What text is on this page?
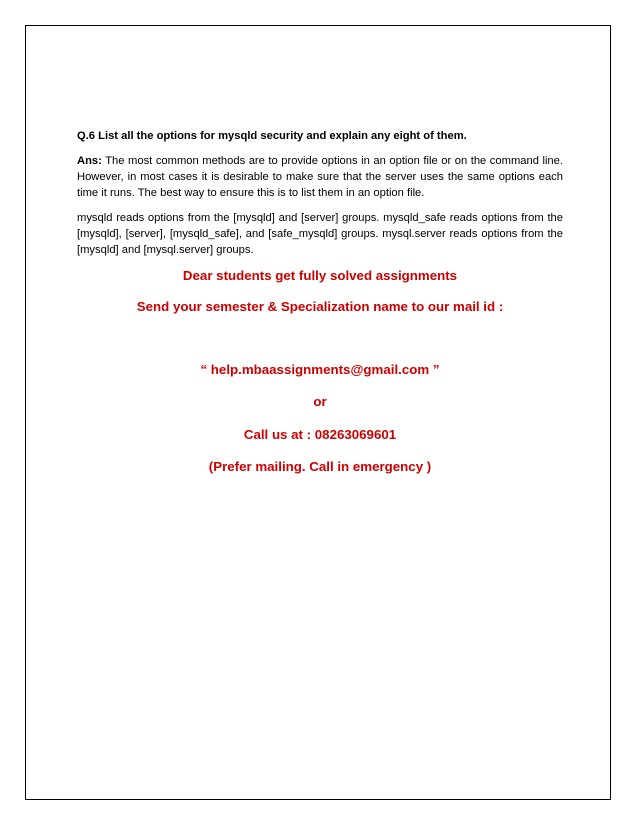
Q.6 List all the options for mysqld security and explain any eight of them.

Ans: The most common methods are to provide options in an option file or on the command line. However, in most cases it is desirable to make sure that the server uses the same options each time it runs. The best way to ensure this is to list them in an option file.

mysqld reads options from the [mysqld] and [server] groups. mysqld_safe reads options from the [mysqld], [server], [mysqld_safe], and [safe_mysqld] groups. mysql.server reads options from the [mysqld] and [mysql.server] groups.

Dear students get fully solved assignments

Send your semester & Specialization name to our mail id :

“ help.mbaassignments@gmail.com ”

or

Call us at : 08263069601

(Prefer mailing. Call in emergency )
